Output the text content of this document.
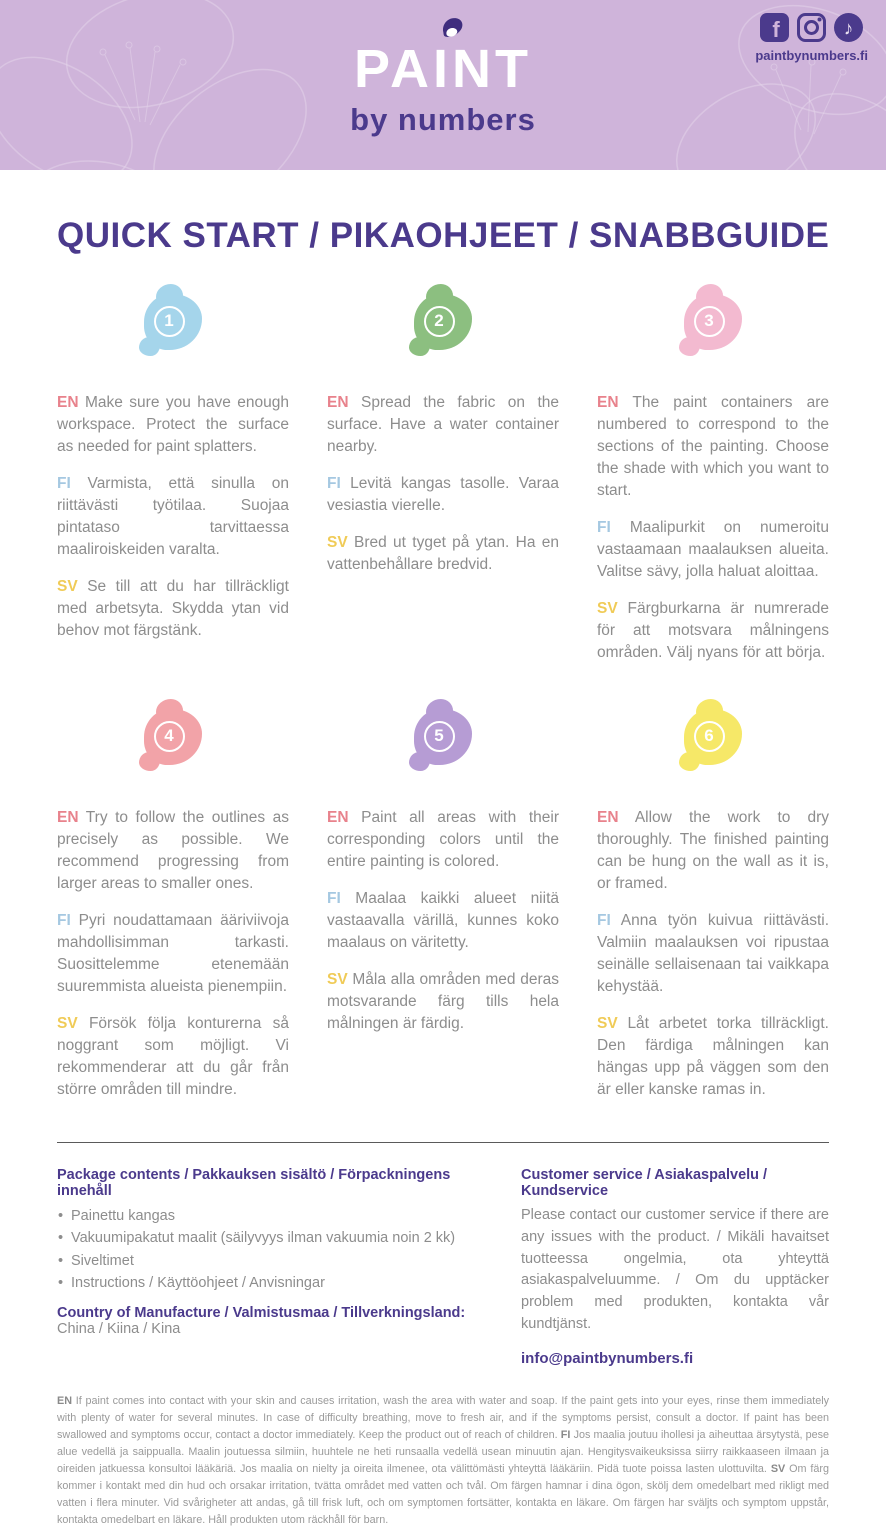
PAINT
by numbers
f	♪
paintbynumbers.fi
QUICK START / PIKAOHJEET / SNABBGUIDE
1

EN Make sure you have enough workspace. Protect the surface as needed for paint splatters.

FI Varmista, että sinulla on riittävästi työtilaa. Suojaa pintataso tarvittaessa maaliroiskeiden varalta.

SV Se till att du har tillräckligt med arbetsyta. Skydda ytan vid behov mot färgstänk.

2

EN Spread the fabric on the surface. Have a water container nearby.

FI Levitä kangas tasolle. Varaa vesiastia vierelle.

SV Bred ut tyget på ytan. Ha en vattenbehållare bredvid.

3

EN The paint containers are numbered to correspond to the sections of the painting. Choose the shade with which you want to start.

FI Maalipurkit on numeroitu vastaamaan maalauksen alueita. Valitse sävy, jolla haluat aloittaa.

SV Färgburkarna är numrerade för att motsvara målningens områden. Välj nyans för att börja.

4

EN Try to follow the outlines as precisely as possible. We recommend progressing from larger areas to smaller ones.

FI Pyri noudattamaan ääriviivoja mahdollisimman tarkasti. Suosittelemme etenemään suuremmista alueista pienempiin.

SV Försök följa konturerna så noggrant som möjligt. Vi rekommenderar att du går från större områden till mindre.

5

EN Paint all areas with their corresponding colors until the entire painting is colored.

FI Maalaa kaikki alueet niitä vastaavalla värillä, kunnes koko maalaus on väritetty.

SV Måla alla områden med deras motsvarande färg tills hela målningen är färdig.

6

EN Allow the work to dry thoroughly. The finished painting can be hung on the wall as it is, or framed.

FI Anna työn kuivua riittävästi. Valmiin maalauksen voi ripustaa seinälle sellaisenaan tai vaikkapa kehystää.

SV Låt arbetet torka tillräckligt. Den färdiga målningen kan hängas upp på väggen som den är eller kanske ramas in.

Package contents / Pakkauksen sisältö / Förpackningens innehåll
• Painettu kangas
• Vakuumipakatut maalit (säilyvyys ilman vakuumia noin 2 kk)
• Siveltimet
• Instructions / Käyttöohjeet / Anvisningar

Country of Manufacture / Valmistusmaa / Tillverkningsland: China / Kiina / Kina

Customer service / Asiakaspalvelu / Kundservice

Please contact our customer service if there are any issues with the product. / Mikäli havaitset tuotteessa ongelmia, ota yhteyttä asiakaspalveluumme. / Om du upptäcker problem med produkten, kontakta vår kundtjänst.

info@paintbynumbers.fi

EN If paint comes into contact with your skin and causes irritation, wash the area with water and soap. If the paint gets into your eyes, rinse them immediately with plenty of water for several minutes. In case of difficulty breathing, move to fresh air, and if the symptoms persist, consult a doctor. If paint has been swallowed and symptoms occur, contact a doctor immediately. Keep the product out of reach of children. FI Jos maalia joutuu ihollesi ja aiheuttaa ärsytystä, pese alue vedellä ja saippualla. Maalin joutuessa silmiin, huuhtele ne heti runsaalla vedellä usean minuutin ajan. Hengitysvaikeuksissa siirry raikkaaseen ilmaan ja oireiden jatkuessa konsultoi lääkäriä. Jos maalia on nielty ja oireita ilmenee, ota välittömästi yhteyttä lääkäriin. Pidä tuote poissa lasten ulottuvilta. SV Om färg kommer i kontakt med din hud och orsakar irritation, tvätta området med vatten och tvål. Om färgen hamnar i dina ögon, skölj dem omedelbart med rikligt med vatten i flera minuter. Vid svårigheter att andas, gå till frisk luft, och om symptomen fortsätter, kontakta en läkare. Om färgen har sväljts och symptom uppstår, kontakta omedelbart en läkare. Håll produkten utom räckhåll för barn.
